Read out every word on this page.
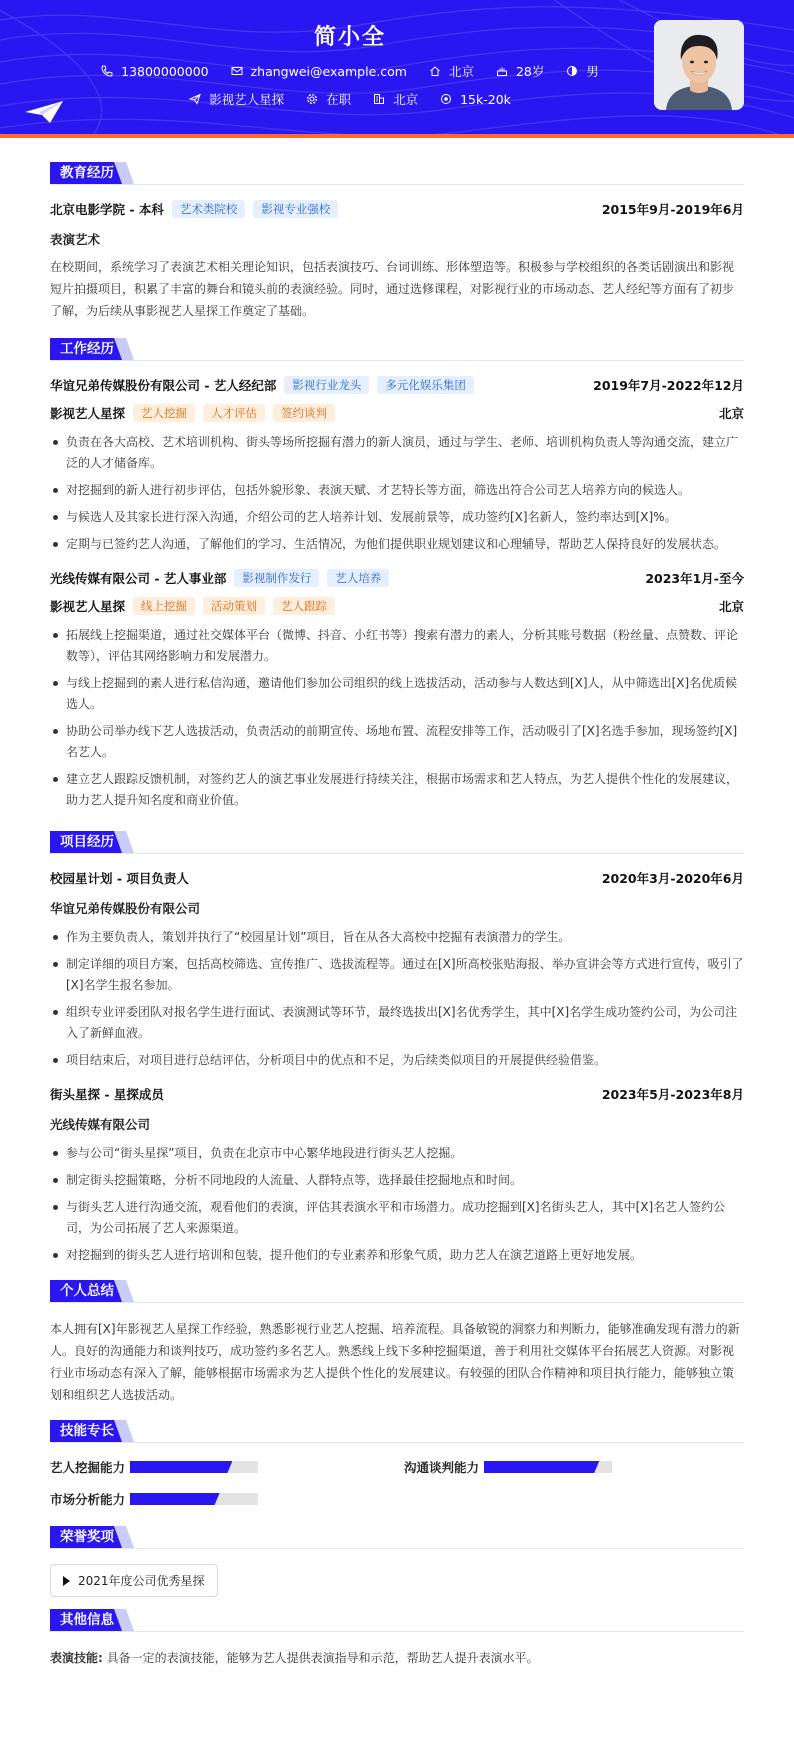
简小全
13800000000
	zhangwei@example.com
	北京
	28岁
	男
影视艺人星探
	在职
	北京
	15k-20k
教育经历
北京电影学院 - 本科	艺术类院校	影视专业强校	2015年9月-2019年6月
表演艺术
在校期间，系统学习了表演艺术相关理论知识，包括表演技巧、台词训练、形体塑造等。积极参与学校组织的各类话剧演出和影视短片拍摄项目，积累了丰富的舞台和镜头前的表演经验。同时，通过选修课程，对影视行业的市场动态、艺人经纪等方面有了初步了解，为后续从事影视艺人星探工作奠定了基础。
工作经历
华谊兄弟传媒股份有限公司 - 艺人经纪部	影视行业龙头	多元化娱乐集团	2019年7月-2022年12月
影视艺人星探	艺人挖掘	人才评估	签约谈判	北京
负责在各大高校、艺术培训机构、街头等场所挖掘有潜力的新人演员，通过与学生、老师、培训机构负责人等沟通交流，建立广泛的人才储备库。
对挖掘到的新人进行初步评估，包括外貌形象、表演天赋、才艺特长等方面，筛选出符合公司艺人培养方向的候选人。
与候选人及其家长进行深入沟通，介绍公司的艺人培养计划、发展前景等，成功签约[X]名新人，签约率达到[X]%。
定期与已签约艺人沟通，了解他们的学习、生活情况，为他们提供职业规划建议和心理辅导，帮助艺人保持良好的发展状态。
光线传媒有限公司 - 艺人事业部	影视制作发行	艺人培养	2023年1月-至今
影视艺人星探	线上挖掘	活动策划	艺人跟踪	北京
拓展线上挖掘渠道，通过社交媒体平台（微博、抖音、小红书等）搜索有潜力的素人，分析其账号数据（粉丝量、点赞数、评论数等），评估其网络影响力和发展潜力。
与线上挖掘到的素人进行私信沟通，邀请他们参加公司组织的线上选拔活动，活动参与人数达到[X]人，从中筛选出[X]名优质候选人。
协助公司举办线下艺人选拔活动，负责活动的前期宣传、场地布置、流程安排等工作，活动吸引了[X]名选手参加，现场签约[X]名艺人。
建立艺人跟踪反馈机制，对签约艺人的演艺事业发展进行持续关注，根据市场需求和艺人特点，为艺人提供个性化的发展建议，助力艺人提升知名度和商业价值。
项目经历
校园星计划 - 项目负责人	2020年3月-2020年6月
华谊兄弟传媒股份有限公司
作为主要负责人，策划并执行了“校园星计划”项目，旨在从各大高校中挖掘有表演潜力的学生。
制定详细的项目方案，包括高校筛选、宣传推广、选拔流程等。通过在[X]所高校张贴海报、举办宣讲会等方式进行宣传，吸引了[X]名学生报名参加。
组织专业评委团队对报名学生进行面试、表演测试等环节，最终选拔出[X]名优秀学生，其中[X]名学生成功签约公司，为公司注入了新鲜血液。
项目结束后，对项目进行总结评估，分析项目中的优点和不足，为后续类似项目的开展提供经验借鉴。
街头星探 - 星探成员	2023年5月-2023年8月
光线传媒有限公司
参与公司“街头星探”项目，负责在北京市中心繁华地段进行街头艺人挖掘。
制定街头挖掘策略，分析不同地段的人流量、人群特点等，选择最佳挖掘地点和时间。
与街头艺人进行沟通交流，观看他们的表演，评估其表演水平和市场潜力。成功挖掘到[X]名街头艺人，其中[X]名艺人签约公司，为公司拓展了艺人来源渠道。
对挖掘到的街头艺人进行培训和包装，提升他们的专业素养和形象气质，助力艺人在演艺道路上更好地发展。
个人总结
本人拥有[X]年影视艺人星探工作经验，熟悉影视行业艺人挖掘、培养流程。具备敏锐的洞察力和判断力，能够准确发现有潜力的新人。良好的沟通能力和谈判技巧，成功签约多名艺人。熟悉线上线下多种挖掘渠道，善于利用社交媒体平台拓展艺人资源。对影视行业市场动态有深入了解，能够根据市场需求为艺人提供个性化的发展建议。有较强的团队合作精神和项目执行能力，能够独立策划和组织艺人选拔活动。
技能专长
艺人挖掘能力	沟通谈判能力
市场分析能力
荣誉奖项
2021年度公司优秀星探
其他信息
表演技能: 具备一定的表演技能，能够为艺人提供表演指导和示范，帮助艺人提升表演水平。
